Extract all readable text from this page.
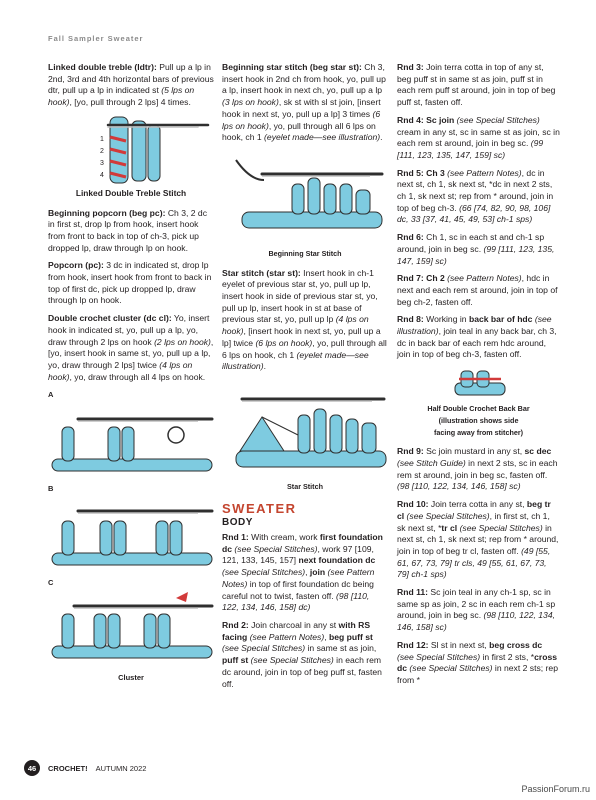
Fall Sampler Sweater

Linked double treble (ldtr): Pull up a lp in 2nd, 3rd and 4th horizontal bars of previous dtr, pull up a lp in indicated st (5 lps on hook), [yo, pull through 2 lps] 4 times.

1
2
3
4

Linked Double Treble Stitch

Beginning popcorn (beg pc): Ch 3, 2 dc in first st, drop lp from hook, insert hook from front to back in top of ch-3, pick up dropped lp, draw through lp on hook.

Popcorn (pc): 3 dc in indicated st, drop lp from hook, insert hook from front to back in top of first dc, pick up dropped lp, draw through lp on hook.

Double crochet cluster (dc cl): Yo, insert hook in indicated st, yo, pull up a lp, yo, draw through 2 lps on hook (2 lps on hook), [yo, insert hook in same st, yo, pull up a lp, yo, draw through 2 lps] twice (4 lps on hook), yo, draw through all 4 lps on hook.

A
B
C

Cluster

Beginning star stitch (beg star st): Ch 3, insert hook in 2nd ch from hook, yo, pull up a lp, insert hook in next ch, yo, pull up a lp (3 lps on hook), sk st with sl st join, [insert hook in next st, yo, pull up a lp] 3 times (6 lps on hook), yo, pull through all 6 lps on hook, ch 1 (eyelet made—see illustration).

Beginning Star Stitch

Star stitch (star st): Insert hook in ch-1 eyelet of previous star st, yo, pull up lp, insert hook in side of previous star st, yo, pull up lp, insert hook in st at base of previous star st, yo, pull up lp (4 lps on hook), [insert hook in next st, yo, pull up a lp] twice (6 lps on hook), yo, pull through all 6 lps on hook, ch 1 (eyelet made—see illustration).

Star Stitch

SWEATER
BODY

Rnd 1: With cream, work first foundation dc (see Special Stitches), work 97 [109, 121, 133, 145, 157] next foundation dc (see Special Stitches), join (see Pattern Notes) in top of first foundation dc being careful not to twist, fasten off. (98 [110, 122, 134, 146, 158] dc)

Rnd 2: Join charcoal in any st with RS facing (see Pattern Notes), beg puff st (see Special Stitches) in same st as join, puff st (see Special Stitches) in each rem dc around, join in top of beg puff st, fasten off.

Rnd 3: Join terra cotta in top of any st, beg puff st in same st as join, puff st in each rem puff st around, join in top of beg puff st, fasten off.

Rnd 4: Sc join (see Special Stitches) cream in any st, sc in same st as join, sc in each rem st around, join in beg sc. (99 [111, 123, 135, 147, 159] sc)

Rnd 5: Ch 3 (see Pattern Notes), dc in next st, ch 1, sk next st, *dc in next 2 sts, ch 1, sk next st; rep from * around, join in top of beg ch-3. (66 [74, 82, 90, 98, 106] dc, 33 [37, 41, 45, 49, 53] ch-1 sps)

Rnd 6: Ch 1, sc in each st and ch-1 sp around, join in beg sc. (99 [111, 123, 135, 147, 159] sc)

Rnd 7: Ch 2 (see Pattern Notes), hdc in next and each rem st around, join in top of beg ch-2, fasten off.

Rnd 8: Working in back bar of hdc (see illustration), join teal in any back bar, ch 3, dc in back bar of each rem hdc around, join in top of beg ch-3, fasten off.

Half Double Crochet Back Bar

(illustration shows side

facing away from stitcher)

Rnd 9: Sc join mustard in any st, sc dec (see Stitch Guide) in next 2 sts, sc in each rem st around, join in beg sc, fasten off. (98 [110, 122, 134, 146, 158] sc)

Rnd 10: Join terra cotta in any st, beg tr cl (see Special Stitches), in first st, ch 1, sk next st, *tr cl (see Special Stitches) in next st, ch 1, sk next st; rep from * around, join in top of beg tr cl, fasten off. (49 [55, 61, 67, 73, 79] tr cls, 49 [55, 61, 67, 73, 79] ch-1 sps)

Rnd 11: Sc join teal in any ch-1 sp, sc in same sp as join, 2 sc in each rem ch-1 sp around, join in beg sc. (98 [110, 122, 134, 146, 158] sc)

Rnd 12: Sl st in next st, beg cross dc (see Special Stitches) in first 2 sts, *cross dc (see Special Stitches) in next 2 sts; rep from *

46	CROCHET! AUTUMN 2022
PassionForum.ru
